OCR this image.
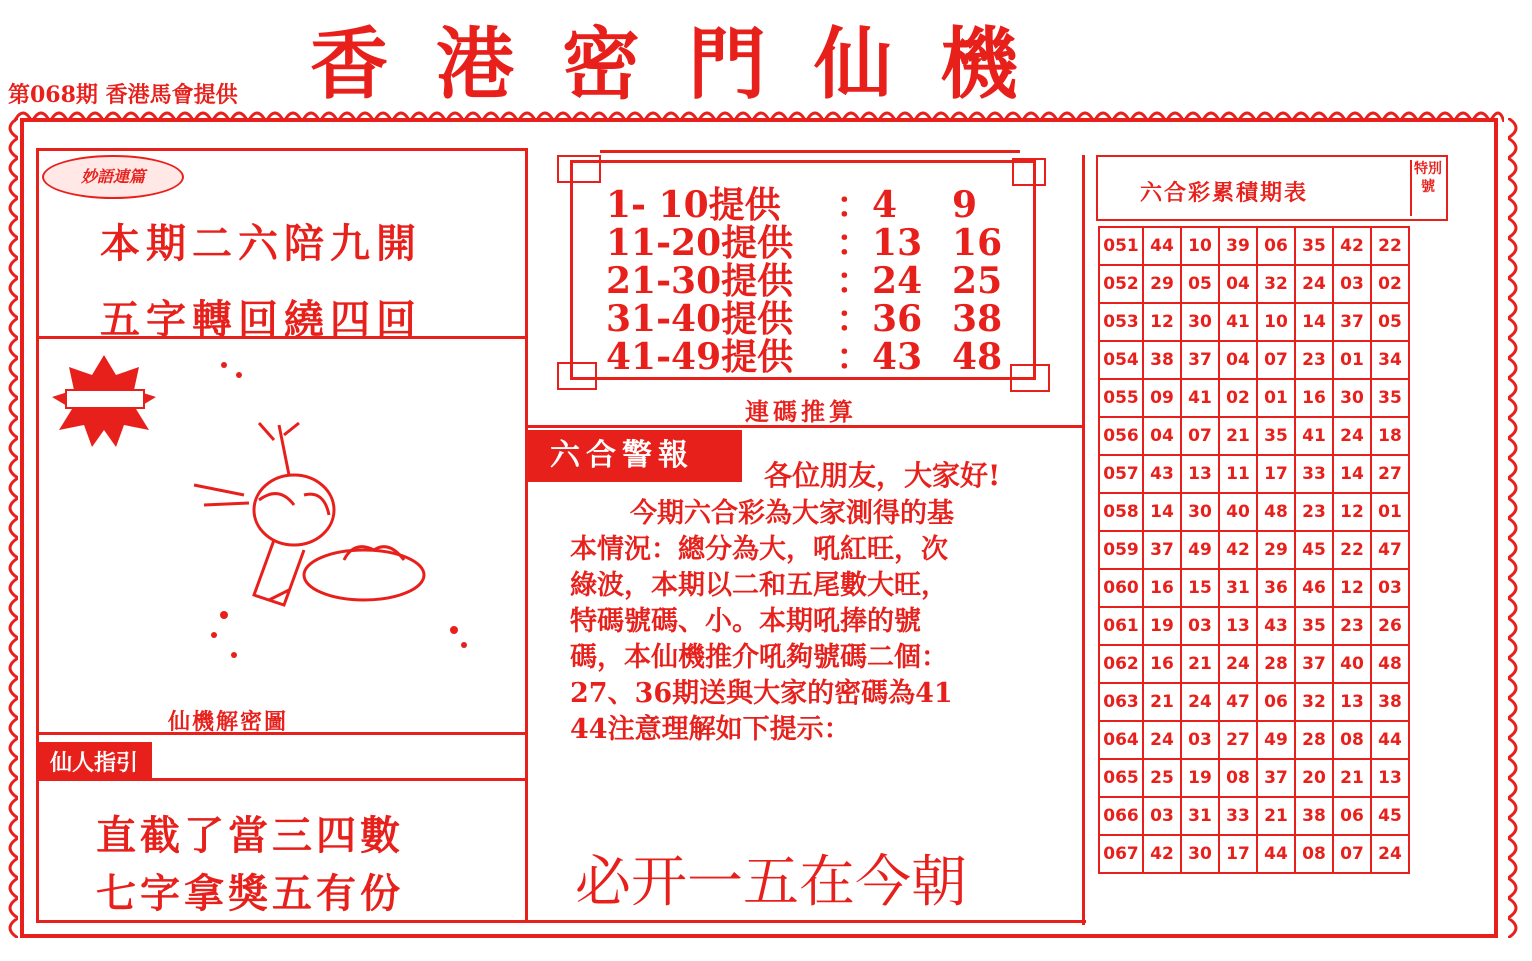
第068期 香港馬會提供 香港密門仙機
妙語連篇
本期二六陪九開
五字轉回繞四回
仙機解密圖
仙人指引
直截了當三四數
七字拿獎五有份
1- 10提供 ：4 9
11-20提供 ：13 16
21-30提供 ：24 25
31-40提供 ：36 38
41-49提供 ：43 48
連碼推算
六合警報
各位朋友，大家好!

今期六合彩為大家測得的基

本情況：總分為大，吼紅旺，次

綠波，本期以二和五尾數大旺，

特碼號碼、小。本期吼捧的號

碼，本仙機推介吼夠號碼二個：

27、36期送與大家的密碼為41

44注意理解如下提示：

必开一五在今朝
六合彩累積期表
特別號
051	44	10	39	06	35	42	22
052	29	05	04	32	24	03	02
053	12	30	41	10	14	37	05
054	38	37	04	07	23	01	34
055	09	41	02	01	16	30	35
056	04	07	21	35	41	24	18
057	43	13	11	17	33	14	27
058	14	30	40	48	23	12	01
059	37	49	42	29	45	22	47
060	16	15	31	36	46	12	03
061	19	03	13	43	35	23	26
062	16	21	24	28	37	40	48
063	21	24	47	06	32	13	38
064	24	03	27	49	28	08	44
065	25	19	08	37	20	21	13
066	03	31	33	21	38	06	45
067	42	30	17	44	08	07	24
